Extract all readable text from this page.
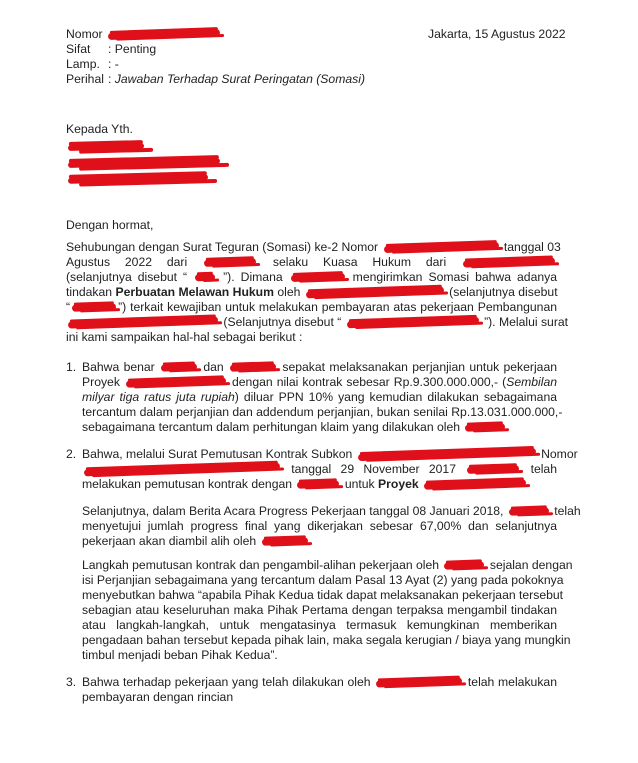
Nomor	Jakarta, 15 Agustus 2022
Sifat : Penting
Lamp. : -
Perihal : Jawaban Terhadap Surat Peringatan (Somasi)
Kepada Yth.
Dengan hormat,
Sehubungan dengan Surat Teguran (Somasi) ke-2 Nomor	tanggal 03
Agustus 2022 dari	selaku Kuasa Hukum dari
(selanjutnya disebut “	”). Dimana	mengirimkan Somasi bahwa adanya
tindakan Perbuatan Melawan Hukum oleh	(selanjutnya disebut
“	”) terkait kewajiban untuk melakukan pembayaran atas pekerjaan Pembangunan
(Selanjutnya disebut “	”). Melalui surat
ini kami sampaikan hal-hal sebagai berikut :
1. Bahwa benar	dan	sepakat melaksanakan perjanjian untuk pekerjaan
Proyek	dengan nilai kontrak sebesar Rp.9.300.000.000,- (Sembilan
milyar tiga ratus juta rupiah) diluar PPN 10% yang kemudian dilakukan sebagaimana
tercantum dalam perjanjian dan addendum perjanjian, bukan senilai Rp.13.031.000.000,-
sebagaimana tercantum dalam perhitungan klaim yang dilakukan oleh
2. Bahwa, melalui Surat Pemutusan Kontrak Subkon	Nomor
tanggal 29 November 2017	telah
melakukan pemutusan kontrak dengan	untuk Proyek
Selanjutnya, dalam Berita Acara Progress Pekerjaan tanggal 08 Januari 2018,	telah
menyetujui jumlah progress final yang dikerjakan sebesar 67,00% dan selanjutnya
pekerjaan akan diambil alih oleh
Langkah pemutusan kontrak dan pengambil-alihan pekerjaan oleh	sejalan dengan
isi Perjanjian sebagaimana yang tercantum dalam Pasal 13 Ayat (2) yang pada pokoknya
menyebutkan bahwa “apabila Pihak Kedua tidak dapat melaksanakan pekerjaan tersebut
sebagian atau keseluruhan maka Pihak Pertama dengan terpaksa mengambil tindakan
atau langkah-langkah, untuk mengatasinya termasuk kemungkinan memberikan
pengadaan bahan tersebut kepada pihak lain, maka segala kerugian / biaya yang mungkin
timbul menjadi beban Pihak Kedua”.
3. Bahwa terhadap pekerjaan yang telah dilakukan oleh	telah melakukan
pembayaran dengan rincian
